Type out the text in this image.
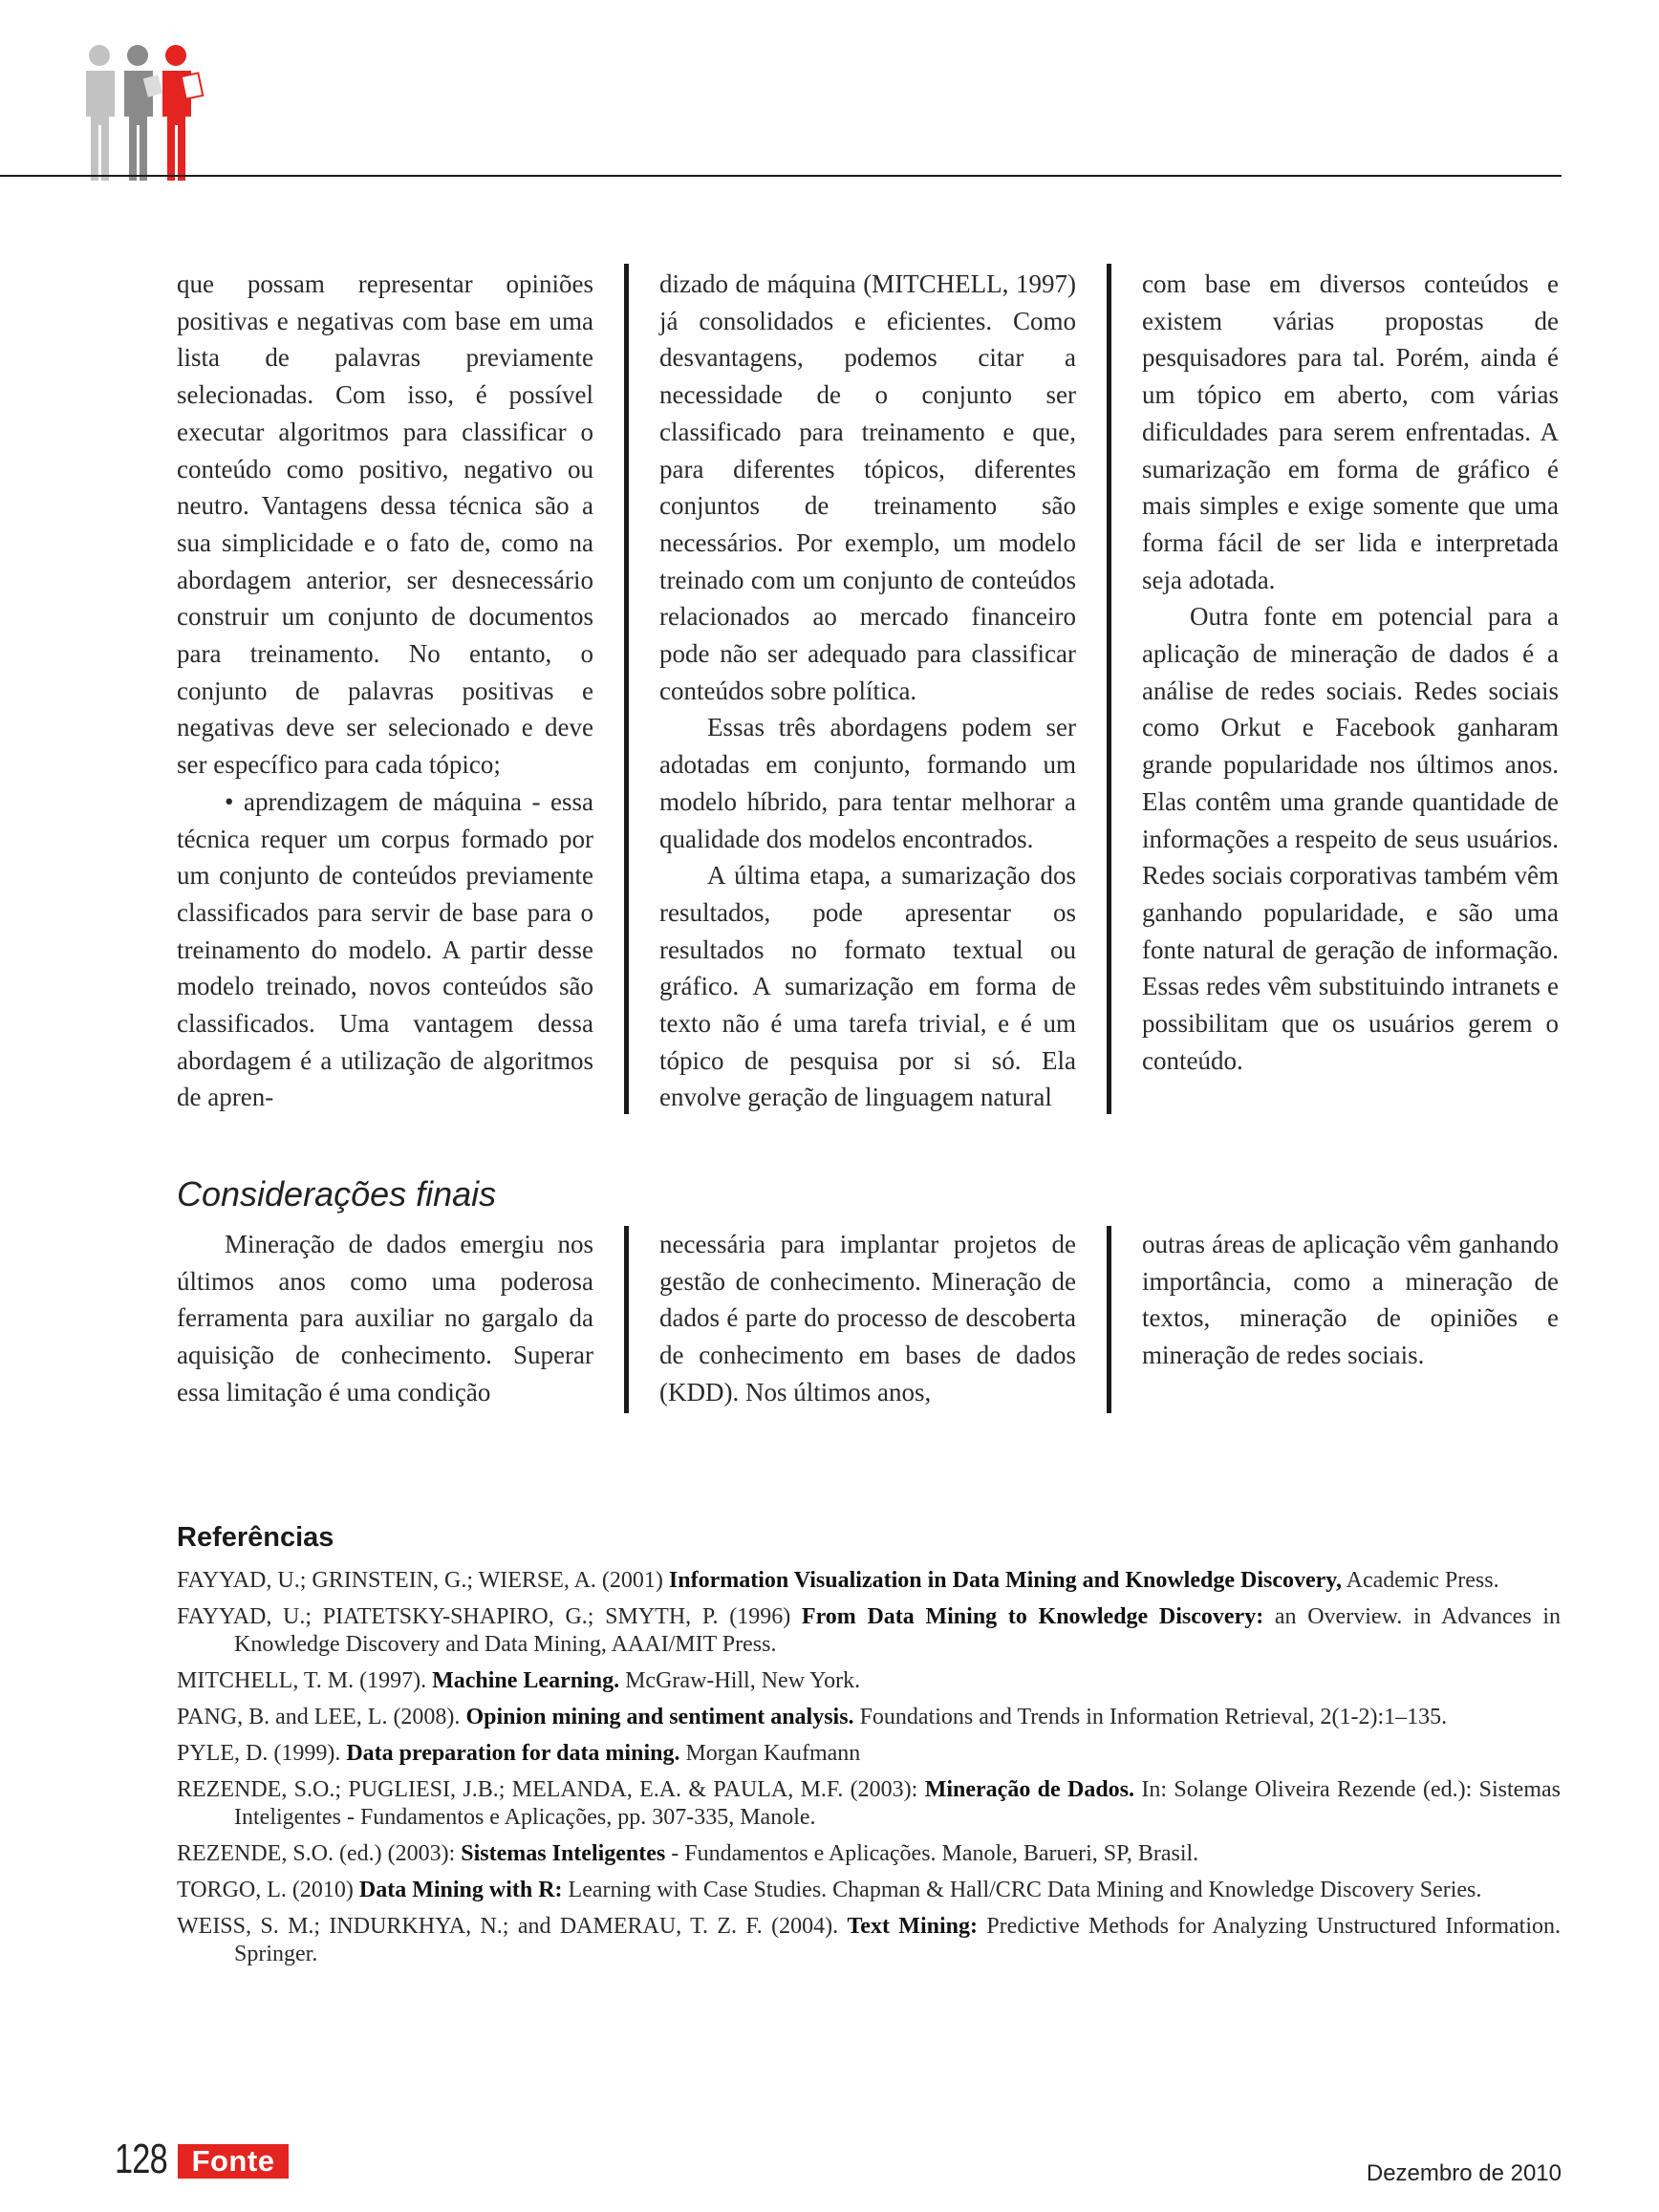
que possam representar opiniões positivas e negativas com base em uma lista de palavras previamente selecionadas. Com isso, é possível executar algoritmos para classificar o conteúdo como positivo, negativo ou neutro. Vantagens dessa técnica são a sua simplicidade e o fato de, como na abordagem anterior, ser desnecessário construir um conjunto de documentos para treinamento. No entanto, o conjunto de palavras positivas e negativas deve ser selecionado e deve ser específico para cada tópico;

• aprendizagem de máquina - essa técnica requer um corpus formado por um conjunto de conteúdos previamente classificados para servir de base para o treinamento do modelo. A partir desse modelo treinado, novos conteúdos são classificados. Uma vantagem dessa abordagem é a utilização de algoritmos de apren-

dizado de máquina (MITCHELL, 1997) já consolidados e eficientes. Como desvantagens, podemos citar a necessidade de o conjunto ser classificado para treinamento e que, para diferentes tópicos, diferentes conjuntos de treinamento são necessários. Por exemplo, um modelo treinado com um conjunto de conteúdos relacionados ao mercado financeiro pode não ser adequado para classificar conteúdos sobre política.

Essas três abordagens podem ser adotadas em conjunto, formando um modelo híbrido, para tentar melhorar a qualidade dos modelos encontrados.

A última etapa, a sumarização dos resultados, pode apresentar os resultados no formato textual ou gráfico. A sumarização em forma de texto não é uma tarefa trivial, e é um tópico de pesquisa por si só. Ela envolve geração de linguagem natural

com base em diversos conteúdos e existem várias propostas de pesquisadores para tal. Porém, ainda é um tópico em aberto, com várias dificuldades para serem enfrentadas. A sumarização em forma de gráfico é mais simples e exige somente que uma forma fácil de ser lida e interpretada seja adotada.

Outra fonte em potencial para a aplicação de mineração de dados é a análise de redes sociais. Redes sociais como Orkut e Facebook ganharam grande popularidade nos últimos anos. Elas contêm uma grande quantidade de informações a respeito de seus usuários. Redes sociais corporativas também vêm ganhando popularidade, e são uma fonte natural de geração de informação. Essas redes vêm substituindo intranets e possibilitam que os usuários gerem o conteúdo.

Considerações finais

Mineração de dados emergiu nos últimos anos como uma poderosa ferramenta para auxiliar no gargalo da aquisição de conhecimento. Superar essa limitação é uma condição

necessária para implantar projetos de gestão de conhecimento. Mineração de dados é parte do processo de descoberta de conhecimento em bases de dados (KDD). Nos últimos anos,

outras áreas de aplicação vêm ganhando importância, como a mineração de textos, mineração de opiniões e mineração de redes sociais.

Referências

FAYYAD, U.; GRINSTEIN, G.; WIERSE, A. (2001) Information Visualization in Data Mining and Knowledge Discovery, Academic Press.

FAYYAD, U.; PIATETSKY-SHAPIRO, G.; SMYTH, P. (1996) From Data Mining to Knowledge Discovery: an Overview. in Advances in Knowledge Discovery and Data Mining, AAAI/MIT Press.

MITCHELL, T. M. (1997). Machine Learning. McGraw-Hill, New York.

PANG, B. and LEE, L. (2008). Opinion mining and sentiment analysis. Foundations and Trends in Information Retrieval, 2(1-2):1–135.

PYLE, D. (1999). Data preparation for data mining. Morgan Kaufmann

REZENDE, S.O.; PUGLIESI, J.B.; MELANDA, E.A. & PAULA, M.F. (2003): Mineração de Dados. In: Solange Oliveira Rezende (ed.): Sistemas Inteligentes - Fundamentos e Aplicações, pp. 307-335, Manole.

REZENDE, S.O. (ed.) (2003): Sistemas Inteligentes - Fundamentos e Aplicações. Manole, Barueri, SP, Brasil.

TORGO, L. (2010) Data Mining with R: Learning with Case Studies. Chapman & Hall/CRC Data Mining and Knowledge Discovery Series.

WEISS, S. M.; INDURKHYA, N.; and DAMERAU, T. Z. F. (2004). Text Mining: Predictive Methods for Analyzing Unstructured Information. Springer.

128 Fonte	Dezembro de 2010
